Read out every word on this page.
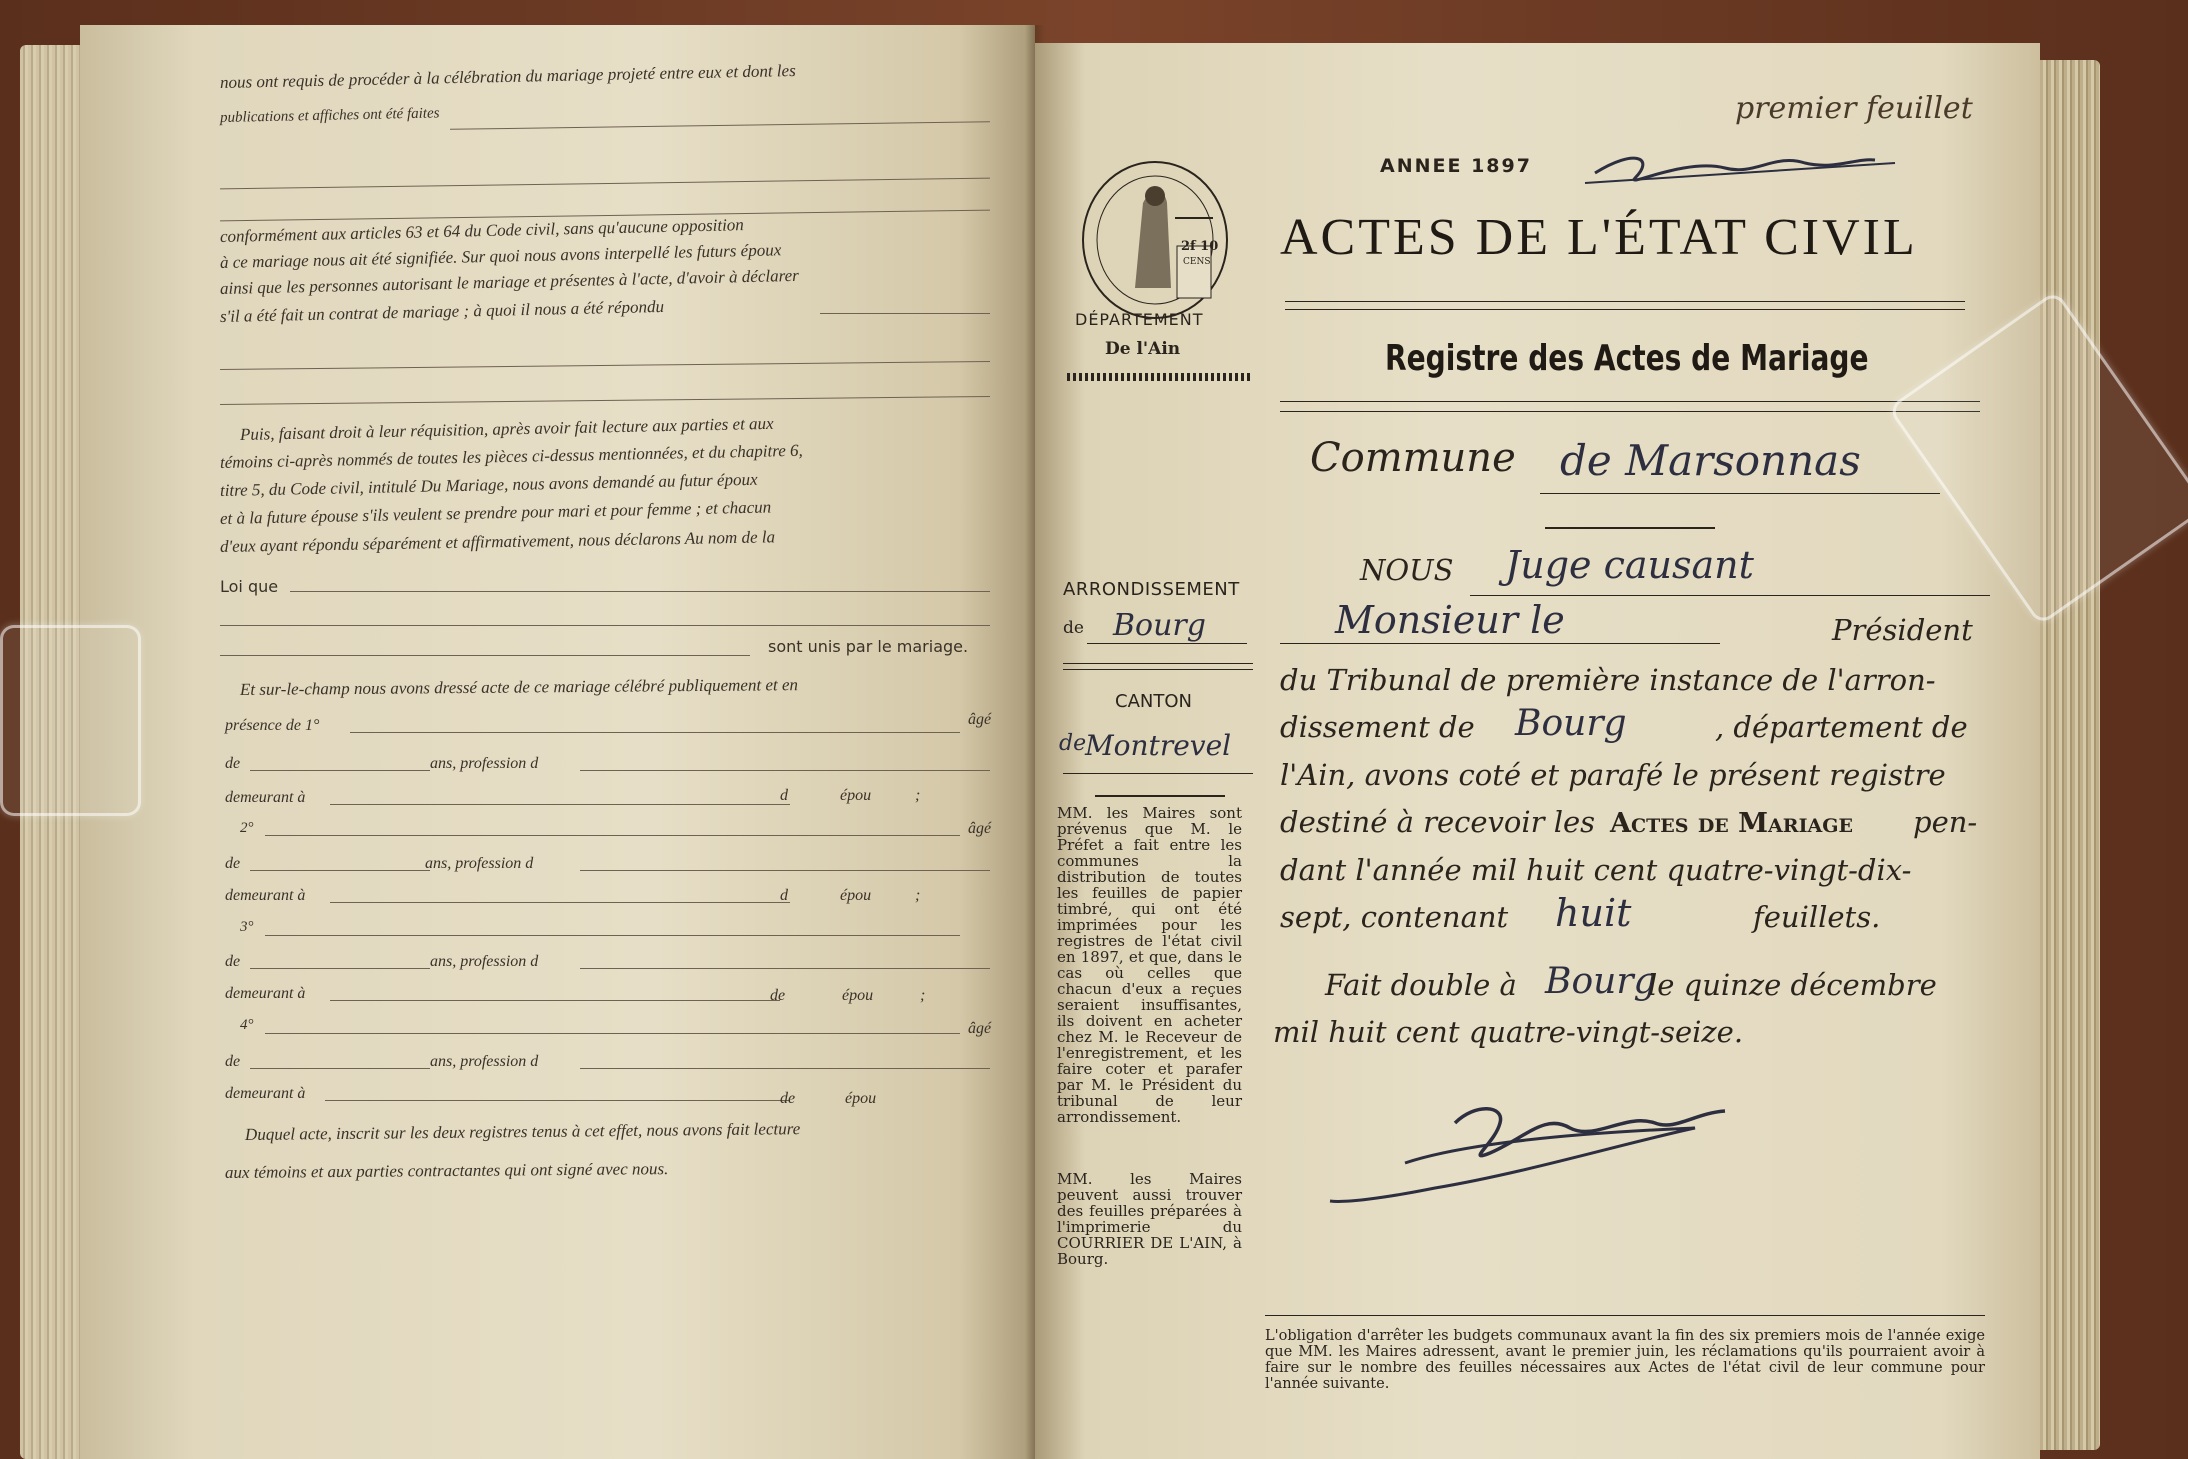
nous ont requis de procéder à la célébration du mariage projeté entre eux et dont les
publications et affiches ont été faites
conformément aux articles 63 et 64 du Code civil, sans qu'aucune opposition
à ce mariage nous ait été signifiée. Sur quoi nous avons interpellé les futurs époux
ainsi que les personnes autorisant le mariage et présentes à l'acte, d'avoir à déclarer
s'il a été fait un contrat de mariage ; à quoi il nous a été répondu
Puis, faisant droit à leur réquisition, après avoir fait lecture aux parties et aux
témoins ci-après nommés de toutes les pièces ci-dessus mentionnées, et du chapitre 6,
titre 5, du Code civil, intitulé Du Mariage, nous avons demandé au futur époux
et à la future épouse s'ils veulent se prendre pour mari et pour femme ; et chacun
d'eux ayant répondu séparément et affirmativement, nous déclarons Au nom de la
Loi que
sont unis par le mariage.
Et sur-le-champ nous avons dressé acte de ce mariage célébré publiquement et en
présence de 1°	âgé
de	ans, profession d
demeurant à	d	épou	;
2°	âgé
de	ans, profession d
demeurant à	d	épou	;
3°
de	ans, profession d
demeurant à	de	épou	;
4°	âgé
de	ans, profession d
demeurant à	de	épou
Duquel acte, inscrit sur les deux registres tenus à cet effet, nous avons fait lecture
aux témoins et aux parties contractantes qui ont signé avec nous.
premier feuillet
ANNEE 1897
2f 10
CENS
DÉPARTEMENT
De l'Ain
ACTES DE L'ÉTAT CIVIL
Registre des Actes de Mariage
Commune de Marsonnas
ARRONDISSEMENT
de Bourg
CANTON
de
Montrevel
MM. les Maires sont prévenus que M. le Préfet a fait entre les communes la distribution de toutes les feuilles de papier timbré, qui ont été imprimées pour les registres de l'état civil en 1897, et que, dans le cas où celles que chacun d'eux a reçues seraient insuffisantes, ils doivent en acheter chez M. le Receveur de l'enregistrement, et les faire coter et parafer par M. le Président du tribunal de leur arrondissement.
MM. les Maires peuvent aussi trouver des feuilles préparées à l'imprimerie du COURRIER DE L'AIN, à Bourg.
NOUS Juge causant
Monsieur le	Président
du Tribunal de première instance de l'arron-
dissement de Bourg	, département de
l'Ain, avons coté et parafé le présent registre
destiné à recevoir les Actes de Mariage pen-
dant l'année mil huit cent quatre-vingt-dix-
sept, contenant huit	feuillets.
Fait double à Bourg
le quinze décembre
mil huit cent quatre-vingt-seize.
L'obligation d'arrêter les budgets communaux avant la fin des six premiers mois de l'année exige que MM. les Maires adressent, avant le premier juin, les réclamations qu'ils pourraient avoir à faire sur le nombre des feuilles nécessaires aux Actes de l'état civil de leur commune pour l'année suivante.
